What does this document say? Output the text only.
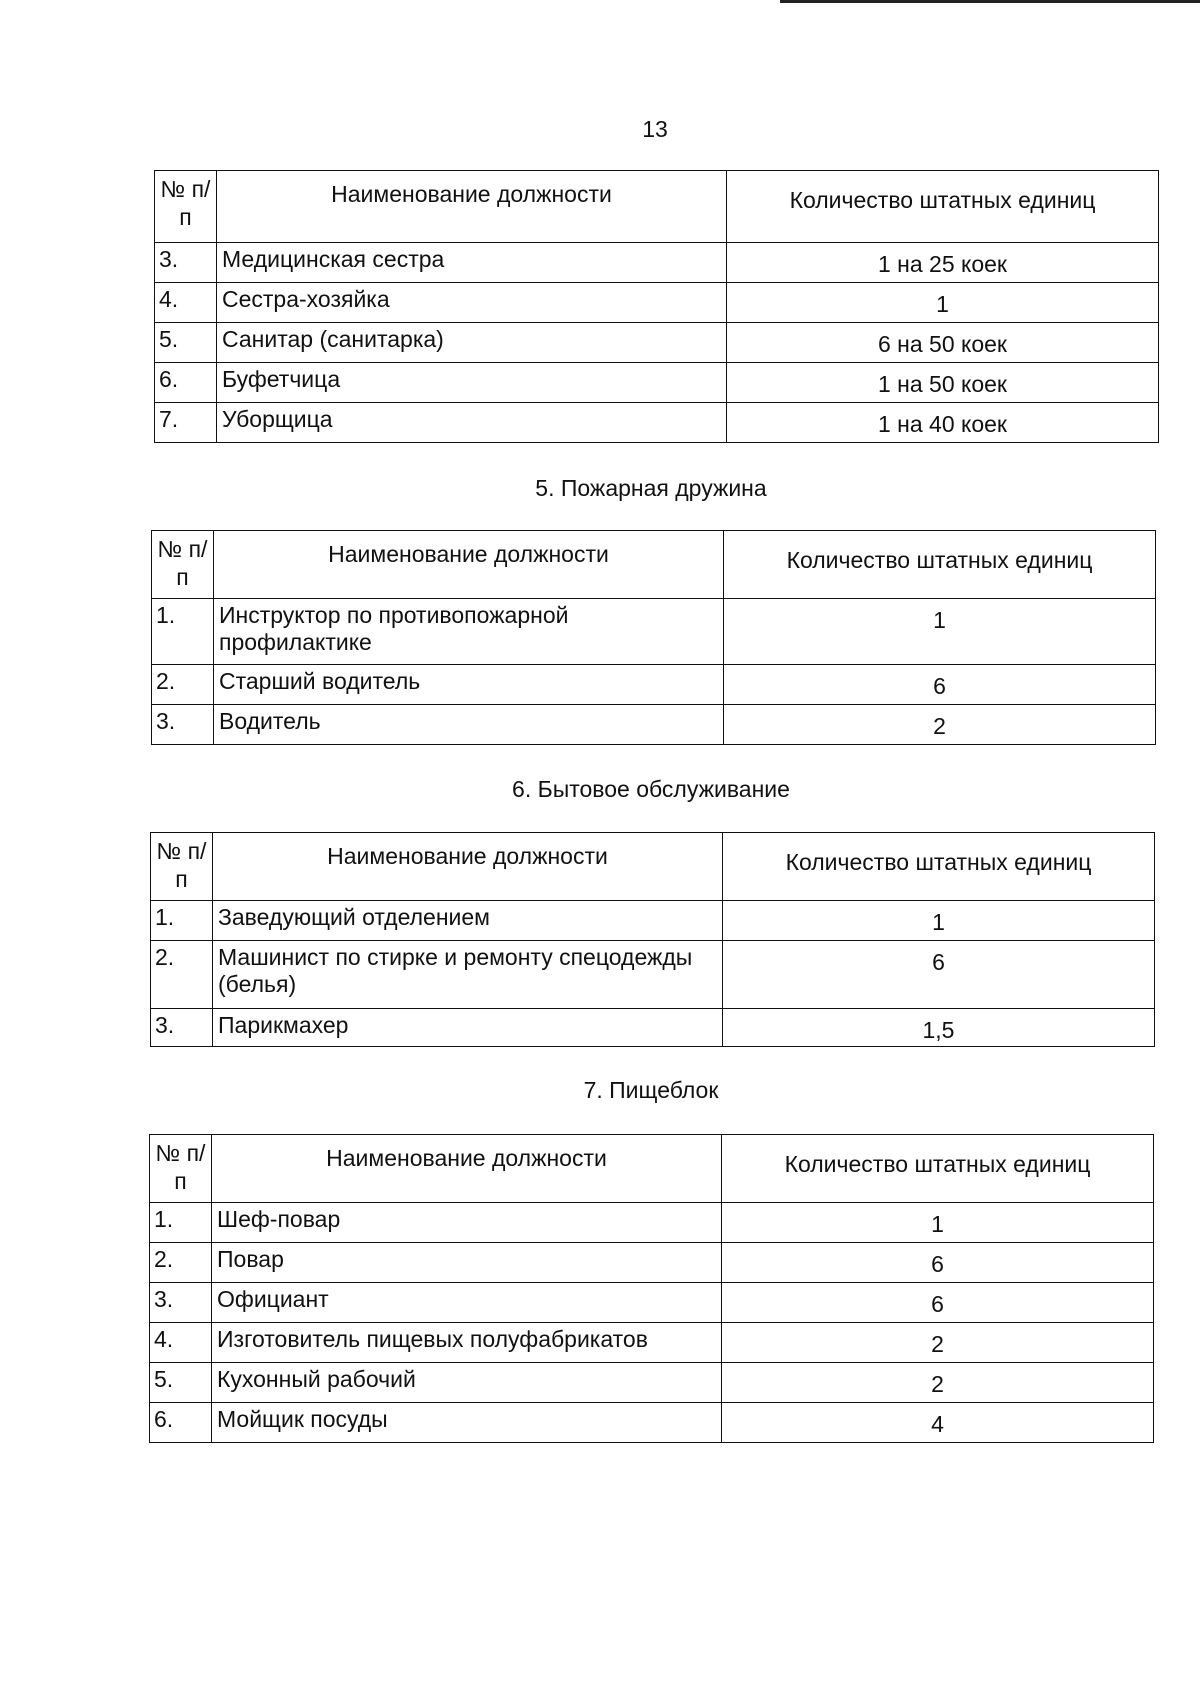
13
№ п/п	Наименование должности	Количество штатных единиц
3.	Медицинская сестра	1 на 25 коек
4.	Сестра-хозяйка	1
5.	Санитар (санитарка)	6 на 50 коек
6.	Буфетчица	1 на 50 коек
7.	Уборщица	1 на 40 коек
5. Пожарная дружина
№ п/п	Наименование должности	Количество штатных единиц
1.	Инструктор по противопожарной профилактике	1
2.	Старший водитель	6
3.	Водитель	2
6. Бытовое обслуживание
№ п/п	Наименование должности	Количество штатных единиц
1.	Заведующий отделением	1
2.	Машинист по стирке и ремонту спецодежды (белья)	6
3.	Парикмахер	1,5
7. Пищеблок
№ п/п	Наименование должности	Количество штатных единиц
1.	Шеф-повар	1
2.	Повар	6
3.	Официант	6
4.	Изготовитель пищевых полуфабрикатов	2
5.	Кухонный рабочий	2
6.	Мойщик посуды	4
